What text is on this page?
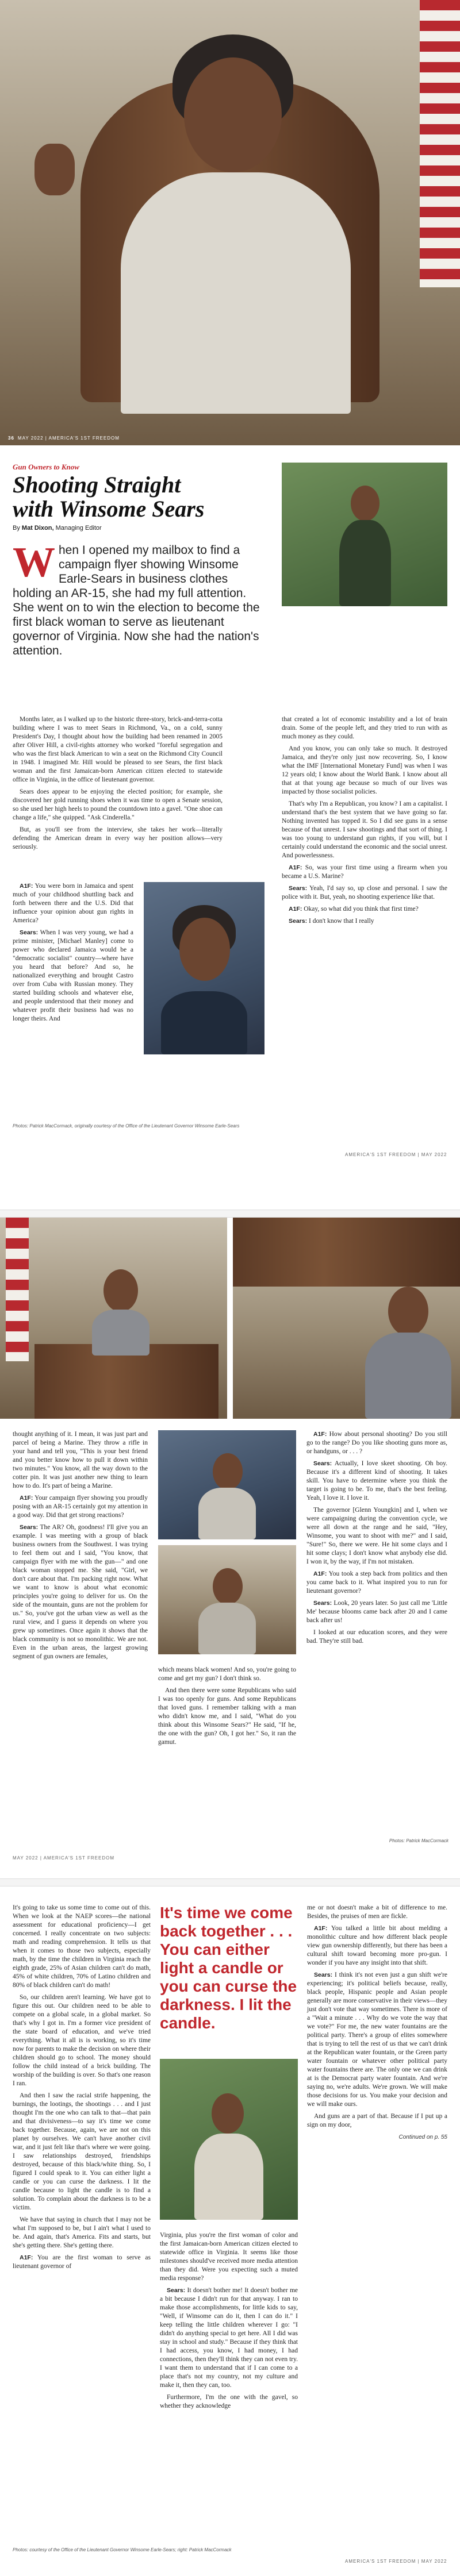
36 MAY 2022 | AMERICA'S 1ST FREEDOM
Gun Owners to Know
Shooting Straight
with Winsome Sears
By Mat Dixon, Managing Editor
When I opened my mailbox to find a campaign flyer showing Winsome Earle-Sears in business clothes holding an AR-15, she had my full attention. She went on to win the election to become the first black woman to serve as lieutenant governor of Virginia. Now she had the nation's attention.

Months later, as I walked up to the historic three-story, brick-and-terra-cotta building where I was to meet Sears in Richmond, Va., on a cold, sunny President's Day, I thought about how the building had been renamed in 2005 after Oliver Hill, a civil-rights attorney who worked "foreful segregation and who was the first black American to win a seat on the Richmond City Council in 1948. I imagined Mr. Hill would be pleased to see Sears, the first black woman and the first Jamaican-born American citizen elected to statewide office in Virginia, in the office of lieutenant governor.

Sears does appear to be enjoying the elected position; for example, she discovered her gold running shoes when it was time to open a Senate session, so she used her high heels to pound the countdown into a gavel. "One shoe can change a life," she quipped. "Ask Cinderella."

But, as you'll see from the interview, she takes her work—literally defending the American dream in every way her position allows—very seriously.

A1F: You were born in Jamaica and spent much of your childhood shuttling back and forth between there and the U.S. Did that influence your opinion about gun rights in America?

Sears: When I was very young, we had a prime minister, [Michael Manley] come to power who declared Jamaica would be a "democratic socialist" country—where have you heard that before? And so, he nationalized everything and brought Castro over from Cuba with Russian money. They started building schools and whatever else, and people understood that their money and whatever profit their business had was no longer theirs. And

that created a lot of economic instability and a lot of brain drain. Some of the people left, and they tried to run with as much money as they could.

And you know, you can only take so much. It destroyed Jamaica, and they're only just now recovering. So, I know what the IMF [International Monetary Fund] was when I was 12 years old; I know about the World Bank. I know about all that at that young age because so much of our lives was impacted by those socialist policies.

That's why I'm a Republican, you know? I am a capitalist. I understand that's the best system that we have going so far. Nothing invented has topped it. So I did see guns in a sense because of that unrest. I saw shootings and that sort of thing. I was too young to understand gun rights, if you will, but I certainly could understand the economic and the social unrest. And powerlessness.

A1F: So, was your first time using a firearm when you became a U.S. Marine?

Sears: Yeah, I'd say so, up close and personal. I saw the police with it. But, yeah, no shooting experience like that.

A1F: Okay, so what did you think that first time?

Sears: I don't know that I really

Photos: Patrick MacCormack, originally courtesy of the Office of the Lieutenant Governor Winsome Earle-Sears
AMERICA'S 1ST FREEDOM | MAY 2022

thought anything of it. I mean, it was just part and parcel of being a Marine. They throw a rifle in your hand and tell you, "This is your best friend and you better know how to pull it down within two minutes." You know, all the way down to the cotter pin. It was just another new thing to learn how to do. It's part of being a Marine.

A1F: Your campaign flyer showing you proudly posing with an AR-15 certainly got my attention in a good way. Did that get strong reactions?

Sears: The AR? Oh, goodness! I'll give you an example. I was meeting with a group of black business owners from the Southwest. I was trying to feel them out and I said, "You know, that campaign flyer with me with the gun—" and one black woman stopped me. She said, "Girl, we don't care about that. I'm packing right now. What we want to know is about what economic principles you're going to deliver for us. On the side of the mountain, guns are not the problem for us." So, you've got the urban view as well as the rural view, and I guess it depends on where you grew up sometimes. Once again it shows that the black community is not so monolithic. We are not. Even in the urban areas, the largest growing segment of gun owners are females,

which means black women! And so, you're going to come and get my gun? I don't think so.

And then there were some Republicans who said I was too openly for guns. And some Republicans that loved guns. I remember talking with a man who didn't know me, and I said, "What do you think about this Winsome Sears?" He said, "If he, the one with the gun? Oh, I got her." So, it ran the gamut.

A1F: How about personal shooting? Do you still go to the range? Do you like shooting guns more as, or handguns, or . . . ?

Sears: Actually, I love skeet shooting. Oh boy. Because it's a different kind of shooting. It takes skill. You have to determine where you think the target is going to be. To me, that's the best feeling. Yeah, I love it. I love it.

The governor [Glenn Youngkin] and I, when we were campaigning during the convention cycle, we were all down at the range and he said, "Hey, Winsome, you want to shoot with me?" and I said, "Sure!" So, there we were. He hit some clays and I hit some clays; I don't know what anybody else did. I won it, by the way, if I'm not mistaken.

A1F: You took a step back from politics and then you came back to it. What inspired you to run for lieutenant governor?

Sears: Look, 20 years later. So just call me 'Little Me' because blooms came back after 20 and I came back after us!

I looked at our education scores, and they were bad. They're still bad.

Photos: Patrick MacCormack
MAY 2022 | AMERICA'S 1ST FREEDOM

It's going to take us some time to come out of this. When we look at the NAEP scores—the national assessment for educational proficiency—I get concerned. I really concentrate on two subjects: math and reading comprehension. It tells us that when it comes to those two subjects, especially math, by the time the children in Virginia reach the eighth grade, 25% of Asian children can't do math, 45% of white children, 70% of Latino children and 80% of black children can't do math!

So, our children aren't learning. We have got to figure this out. Our children need to be able to compete on a global scale, in a global market. So that's why I got in. I'm a former vice president of the state board of education, and we've tried everything. What it all is is working, so it's time now for parents to make the decision on where their children should go to school. The money should follow the child instead of a brick building. The worship of the building is over. So that's one reason I ran.

And then I saw the racial strife happening, the burnings, the lootings, the shootings . . . and I just thought I'm the one who can talk to that—that pain and that divisiveness—to say it's time we come back together. Because, again, we are not on this planet by ourselves. We can't have another civil war, and it just felt like that's where we were going. I saw relationships destroyed, friendships destroyed, because of this black/white thing. So, I figured I could speak to it. You can either light a candle or you can curse the darkness. I lit the candle because to light the candle is to find a solution. To complain about the darkness is to be a victim.

We have that saying in church that I may not be what I'm supposed to be, but I ain't what I used to be. And again, that's America. Fits and starts, but she's getting there. She's getting there.

A1F: You are the first woman to serve as lieutenant governor of

It's time we come back together . . . You can either light a candle or you can curse the darkness. I lit the candle.

Virginia, plus you're the first woman of color and the first Jamaican-born American citizen elected to statewide office in Virginia. It seems like those milestones should've received more media attention than they did. Were you expecting such a muted media response?

Sears: It doesn't bother me! It doesn't bother me a bit because I didn't run for that anyway. I ran to make those accomplishments, for little kids to say, "Well, if Winsome can do it, then I can do it." I keep telling the little children wherever I go: "I didn't do anything special to get here. All I did was stay in school and study." Because if they think that I had access, you know, I had money, I had connections, then they'll think they can not even try. I want them to understand that if I can come to a place that's not my country, not my culture and make it, then they can, too.

Furthermore, I'm the one with the gavel, so whether they acknowledge

me or not doesn't make a bit of difference to me. Besides, the pruises of men are fickle.

A1F: You talked a little bit about melding a monolithic culture and how different black people view gun ownership differently, but there has been a cultural shift toward becoming more pro-gun. I wonder if you have any insight into that shift.

Sears: I think it's not even just a gun shift we're experiencing; it's political beliefs because, really, black people, Hispanic people and Asian people generally are more conservative in their views—they just don't vote that way sometimes. There is more of a "Wait a minute . . . Why do we vote the way that we vote?" For me, the new water fountains are the political party. There's a group of elites somewhere that is trying to tell the rest of us that we can't drink at the Republican water fountain, or the Green party water fountain or whatever other political party water fountains there are. The only one we can drink at is the Democrat party water fountain. And we're saying no, we're adults. We're grown. We will make those decisions for us. You make your decision and we will make ours.

And guns are a part of that. Because if I put up a sign on my door,

Continued on p. 55
Photos: courtesy of the Office of the Lieutenant Governor Winsome Earle-Sears; right: Patrick MacCormack
AMERICA'S 1ST FREEDOM | MAY 2022
